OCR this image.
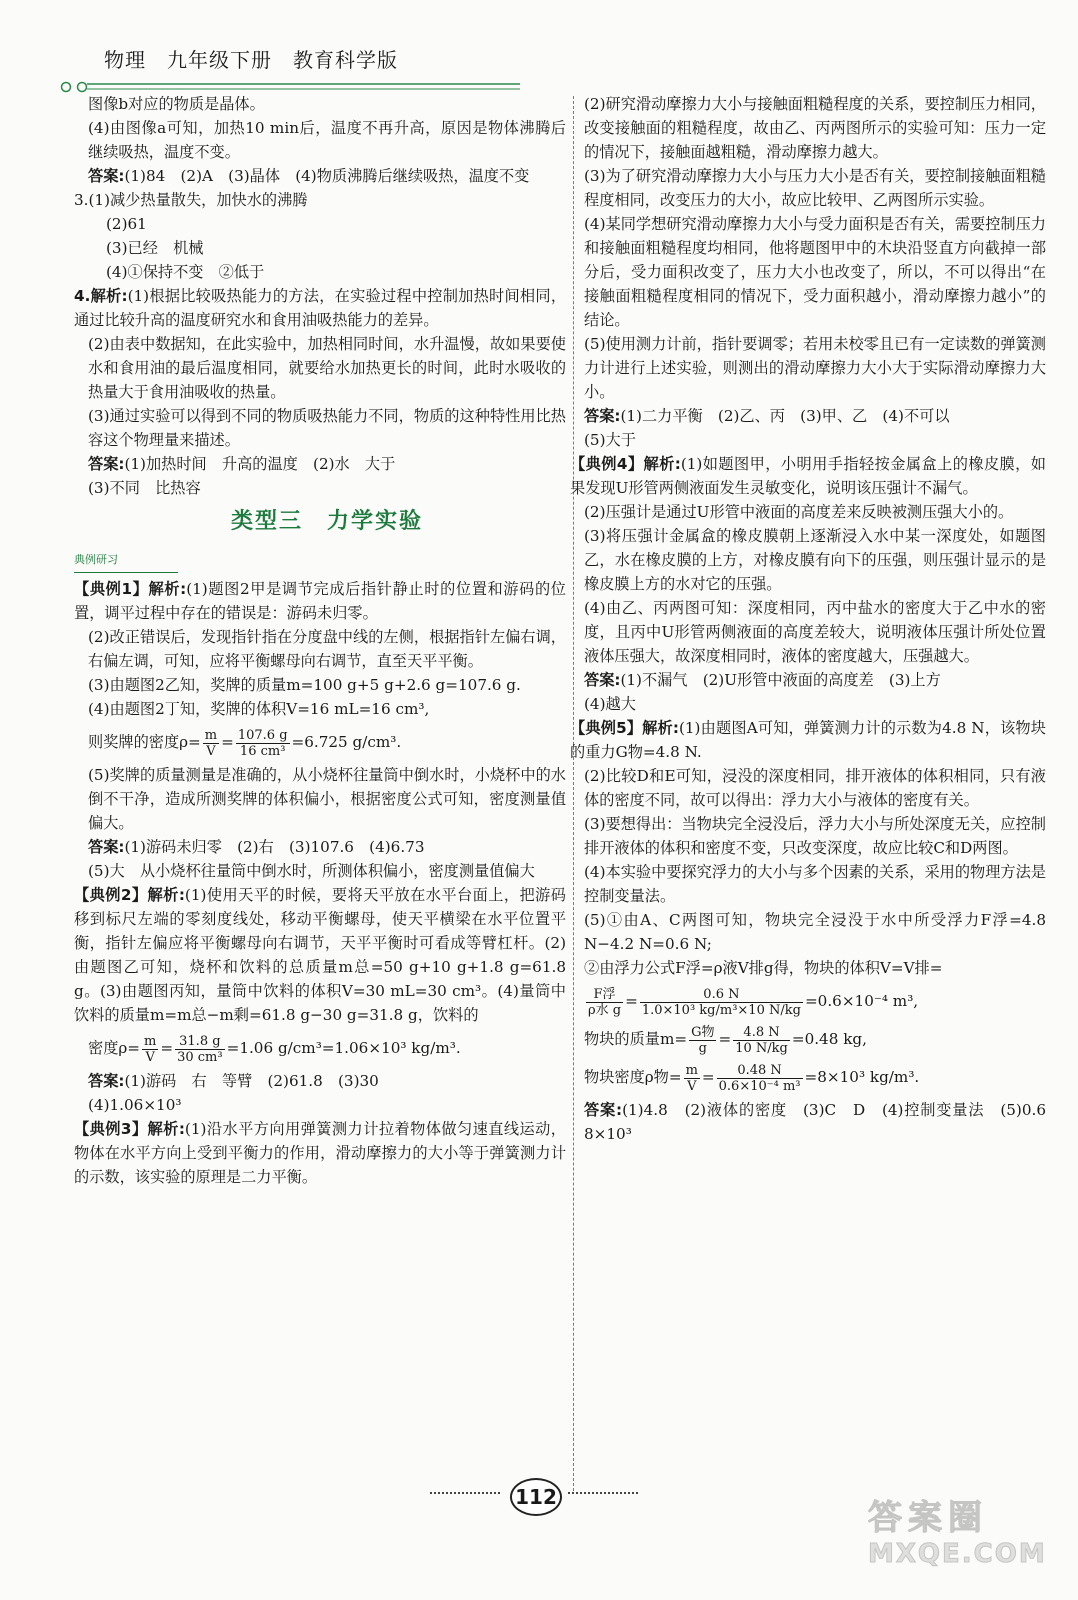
物理　九年级下册　教育科学版

图像b对应的物质是晶体。

(4)由图像a可知，加热10 min后，温度不再升高，原因是物体沸腾后继续吸热，温度不变。

答案:(1)84　(2)A　(3)晶体　(4)物质沸腾后继续吸热，温度不变

3.(1)减少热量散失，加快水的沸腾

(2)61

(3)已经　机械

(4)①保持不变　②低于

4.解析:(1)根据比较吸热能力的方法，在实验过程中控制加热时间相同，通过比较升高的温度研究水和食用油吸热能力的差异。

(2)由表中数据知，在此实验中，加热相同时间，水升温慢，故如果要使水和食用油的最后温度相同，就要给水加热更长的时间，此时水吸收的热量大于食用油吸收的热量。

(3)通过实验可以得到不同的物质吸热能力不同，物质的这种特性用比热容这个物理量来描述。

答案:(1)加热时间　升高的温度　(2)水　大于

(3)不同　比热容

类型三　力学实验
典例研习

【典例1】解析:(1)题图2甲是调节完成后指针静止时的位置和游码的位置，调平过程中存在的错误是：游码未归零。

(2)改正错误后，发现指针指在分度盘中线的左侧，根据指针左偏右调，右偏左调，可知，应将平衡螺母向右调节，直至天平平衡。

(3)由题图2乙知，奖牌的质量m=100 g+5 g+2.6 g=107.6 g.

(4)由题图2丁知，奖牌的体积V=16 mL=16 cm³,

则奖牌的密度$\rho= \frac{m}{V} = \frac{107.6 g}{\text{16 cm³}} =6.725$ g/cm³.

(5)奖牌的质量测量是准确的，从小烧杯往量筒中倒水时，小烧杯中的水倒不干净，造成所测奖牌的体积偏小，根据密度公式可知，密度测量值偏大。

答案:(1)游码未归零　(2)右　(3)107.6　(4)6.73

(5)大　从小烧杯往量筒中倒水时，所测体积偏小，密度测量值偏大

【典例2】解析:(1)使用天平的时候，要将天平放在水平台面上，把游码移到标尺左端的零刻度线处，移动平衡螺母，使天平横梁在水平位置平衡，指针左偏应将平衡螺母向右调节，天平平衡时可看成等臂杠杆。(2)由题图乙可知，烧杯和饮料的总质量m总=50 g+10 g+1.8 g=61.8 g。(3)由题图丙知，量筒中饮料的体积V=30 mL=30 cm³。(4)量筒中饮料的质量m=m总−m剩=61.8 g−30 g=31.8 g，饮料的

密度$\rho= \frac{m}{V} = \frac{31.8 g}{\text{30 cm³}} =1.06$ g/cm³=1.06×10³ kg/m³.

答案:(1)游码　右　等臂　(2)61.8　(3)30

(4)1.06×10³

【典例3】解析:(1)沿水平方向用弹簧测力计拉着物体做匀速直线运动，物体在水平方向上受到平衡力的作用，滑动摩擦力的大小等于弹簧测力计的示数，该实验的原理是二力平衡。

(2)研究滑动摩擦力大小与接触面粗糙程度的关系，要控制压力相同，改变接触面的粗糙程度，故由乙、丙两图所示的实验可知：压力一定的情况下，接触面越粗糙，滑动摩擦力越大。

(3)为了研究滑动摩擦力大小与压力大小是否有关，要控制接触面粗糙程度相同，改变压力的大小，故应比较甲、乙两图所示实验。

(4)某同学想研究滑动摩擦力大小与受力面积是否有关，需要控制压力和接触面粗糙程度均相同，他将题图甲中的木块沿竖直方向截掉一部分后，受力面积改变了，压力大小也改变了，所以，不可以得出“在接触面粗糙程度相同的情况下，受力面积越小，滑动摩擦力越小”的结论。

(5)使用测力计前，指针要调零；若用未校零且已有一定读数的弹簧测力计进行上述实验，则测出的滑动摩擦力大小大于实际滑动摩擦力大小。

答案:(1)二力平衡　(2)乙、丙　(3)甲、乙　(4)不可以

(5)大于

【典例4】解析:(1)如题图甲，小明用手指轻按金属盒上的橡皮膜，如果发现U形管两侧液面发生灵敏变化，说明该压强计不漏气。

(2)压强计是通过U形管中液面的高度差来反映被测压强大小的。

(3)将压强计金属盒的橡皮膜朝上逐渐浸入水中某一深度处，如题图乙，水在橡皮膜的上方，对橡皮膜有向下的压强，则压强计显示的是橡皮膜上方的水对它的压强。

(4)由乙、丙两图可知：深度相同，丙中盐水的密度大于乙中水的密度，且丙中U形管两侧液面的高度差较大，说明液体压强计所处位置液体压强大，故深度相同时，液体的密度越大，压强越大。

答案:(1)不漏气　(2)U形管中液面的高度差　(3)上方

(4)越大

【典例5】解析:(1)由题图A可知，弹簧测力计的示数为4.8 N，该物块的重力G物=4.8 N.

(2)比较D和E可知，浸没的深度相同，排开液体的体积相同，只有液体的密度不同，故可以得出：浮力大小与液体的密度有关。

(3)要想得出：当物块完全浸没后，浮力大小与所处深度无关，应控制排开液体的体积和密度不变，只改变深度，故应比较C和D两图。

(4)本实验中要探究浮力的大小与多个因素的关系，采用的物理方法是控制变量法。

(5)①由A、C两图可知，物块完全浸没于水中所受浮力F浮=4.8 N−4.2 N=0.6 N;

②由浮力公式F浮=ρ液V排g得，物块的体积V=V排=

$\frac{\text{F浮}}{\text{ρ水 g}} = \frac{0.6 N}{\text{1.0×10³ kg/m³×10 N/kg}} =0.6\times 10^{-4}$ m³,

物块的质量$m= \frac{\text{G物}}{g} = \frac{4.8 N}{10 N/kg} =0.48$ kg,

物块密度ρ物= $\frac{m}{V} = \frac{0.48 N}{\text{0.6×10⁻⁴ m³}} =8\times 10^3$ kg/m³.

答案:(1)4.8　(2)液体的密度　(3)C　D　(4)控制变量法　(5)0.6　8×10³

112
答案圈
MXQE.COM
